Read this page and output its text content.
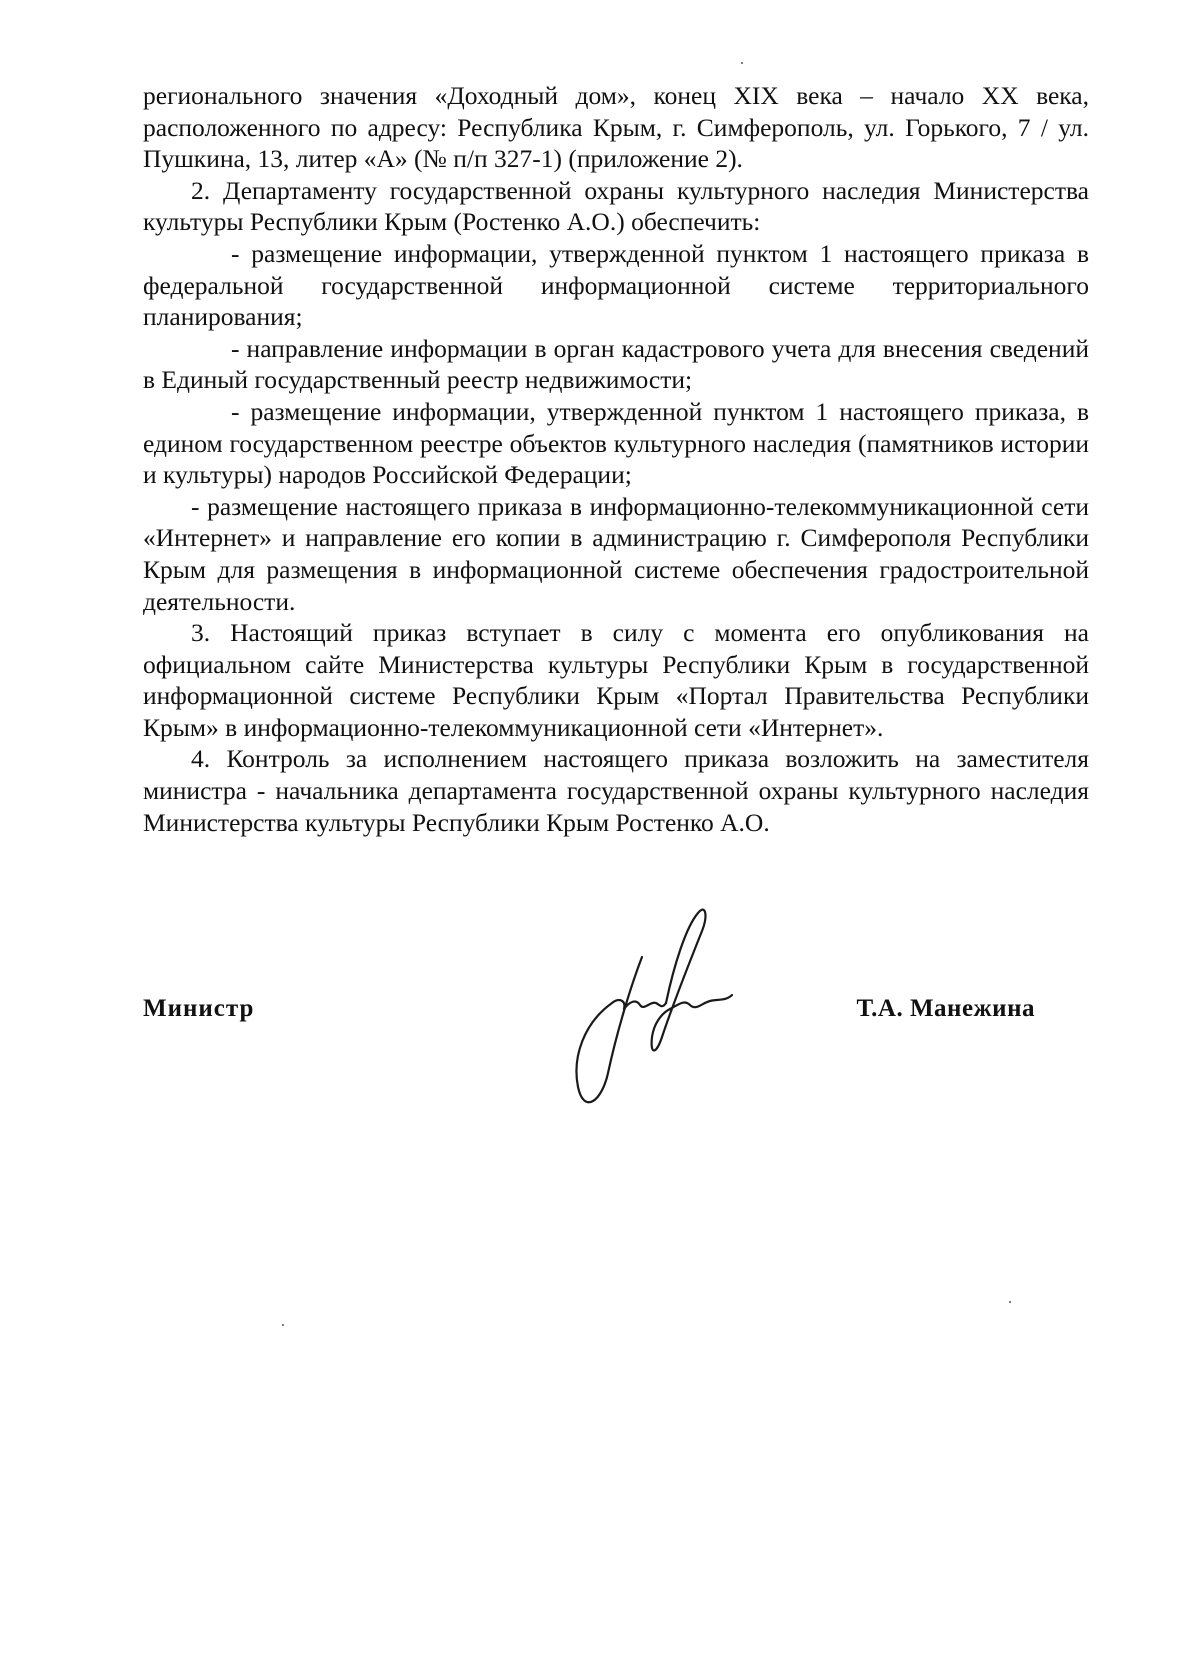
регионального значения «Доходный дом», конец XIX века – начало XX века, расположенного по адресу: Республика Крым, г. Симферополь, ул. Горького, 7 / ул. Пушкина, 13, литер «А» (№ п/п 327-1) (приложение 2).

2. Департаменту государственной охраны культурного наследия Министерства культуры Республики Крым (Ростенко А.О.) обеспечить:

- размещение информации, утвержденной пунктом 1 настоящего приказа в федеральной государственной информационной системе территориального планирования;

- направление информации в орган кадастрового учета для внесения сведений в Единый государственный реестр недвижимости;

- размещение информации, утвержденной пунктом 1 настоящего приказа, в едином государственном реестре объектов культурного наследия (памятников истории и культуры) народов Российской Федерации;

- размещение настоящего приказа в информационно-телекоммуникационной сети «Интернет» и направление его копии в администрацию г. Симферополя Республики Крым для размещения в информационной системе обеспечения градостроительной деятельности.

3. Настоящий приказ вступает в силу с момента его опубликования на официальном сайте Министерства культуры Республики Крым в государственной информационной системе Республики Крым «Портал Правительства Республики Крым» в информационно-телекоммуникационной сети «Интернет».

4. Контроль за исполнением настоящего приказа возложить на заместителя министра - начальника департамента государственной охраны культурного наследия Министерства культуры Республики Крым Ростенко А.О.

Министр	Т.А. Манежина
